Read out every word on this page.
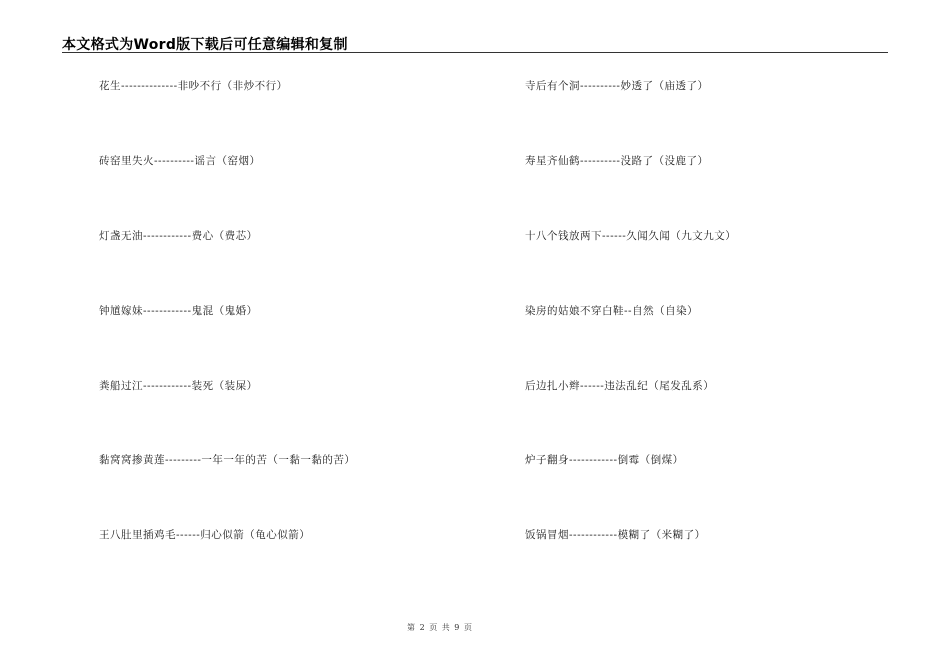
本文格式为Word版下载后可任意编辑和复制
花生--------------非吵不行（非炒不行）
砖窑里失火----------谣言（窑烟）
灯盏无油------------费心（费芯）
钟馗嫁妹------------鬼混（鬼婚）
粪船过江------------装死（装屎）
黏窝窝掺黄莲---------一年一年的苦（一黏一黏的苦）
王八肚里插鸡毛------归心似箭（龟心似箭）
寺后有个洞----------妙透了（庙透了）
寿星齐仙鹤----------没路了（没鹿了）
十八个钱放两下------久闻久闻（九文九文）
染房的姑娘不穿白鞋--自然（自染）
后边扎小辫------违法乱纪（尾发乱系）
炉子翻身------------倒霉（倒煤）
饭锅冒烟------------模糊了（米糊了）
第 2 页 共 9 页
